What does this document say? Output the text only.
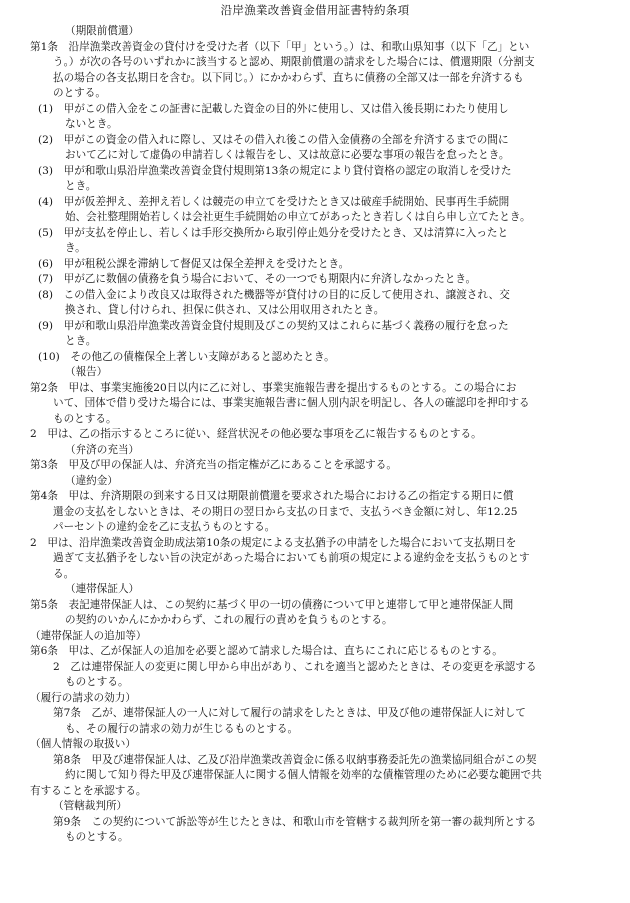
沿岸漁業改善資金借用証書特約条項
（期限前償還）
第1条　沿岸漁業改善資金の貸付けを受けた者（以下「甲」という。）は、和歌山県知事（以下「乙」とい
う。）が次の各号のいずれかに該当すると認め、期限前償還の請求をした場合には、償還期限（分割支
払の場合の各支払期日を含む。以下同じ。）にかかわらず、直ちに債務の全部又は一部を弁済するも
のとする。
(1)　甲がこの借入金をこの証書に記載した資金の目的外に使用し、又は借入後長期にわたり使用し
ないとき。
(2)　甲がこの資金の借入れに際し、又はその借入れ後この借入金債務の全部を弁済するまでの間に
おいて乙に対して虚偽の申請若しくは報告をし、又は故意に必要な事項の報告を怠ったとき。
(3)　甲が和歌山県沿岸漁業改善資金貸付規則第13条の規定により貸付資格の認定の取消しを受けた
とき。
(4)　甲が仮差押え、差押え若しくは競売の申立てを受けたとき又は破産手続開始、民事再生手続開
始、会社整理開始若しくは会社更生手続開始の申立てがあったとき若しくは自ら申し立てたとき。
(5)　甲が支払を停止し、若しくは手形交換所から取引停止処分を受けたとき、又は清算に入ったと
き。
(6)　甲が租税公課を滞納して督促又は保全差押えを受けたとき。
(7)　甲が乙に数個の債務を負う場合において、その一つでも期限内に弁済しなかったとき。
(8)　この借入金により改良又は取得された機器等が貸付けの目的に反して使用され、譲渡され、交
換され、貸し付けられ、担保に供され、又は公用収用されたとき。
(9)　甲が和歌山県沿岸漁業改善資金貸付規則及びこの契約又はこれらに基づく義務の履行を怠った
とき。
(10)　その他乙の債権保全上著しい支障があると認めたとき。
（報告）
第2条　甲は、事業実施後20日以内に乙に対し、事業実施報告書を提出するものとする。この場合にお
いて、団体で借り受けた場合には、事業実施報告書に個人別内訳を明記し、各人の確認印を押印する
ものとする。
2　甲は、乙の指示するところに従い、経営状況その他必要な事項を乙に報告するものとする。
（弁済の充当）
第3条　甲及び甲の保証人は、弁済充当の指定権が乙にあることを承認する。
（違約金）
第4条　甲は、弁済期限の到来する日又は期限前償還を要求された場合における乙の指定する期日に償
還金の支払をしないときは、その期日の翌日から支払の日まで、支払うべき金額に対し、年12.25
パーセントの違約金を乙に支払うものとする。
2　甲は、沿岸漁業改善資金助成法第10条の規定による支払猶予の申請をした場合において支払期日を
過ぎて支払猶予をしない旨の決定があった場合においても前項の規定による違約金を支払うものとす
る。
（連帯保証人）
第5条　表記連帯保証人は、この契約に基づく甲の一切の債務について甲と連帯して甲と連帯保証人間
の契約のいかんにかかわらず、これの履行の責めを負うものとする。
（連帯保証人の追加等）
第6条　甲は、乙が保証人の追加を必要と認めて請求した場合は、直ちにこれに応じるものとする。
2　乙は連帯保証人の変更に関し甲から申出があり、これを適当と認めたときは、その変更を承認する
ものとする。
（履行の請求の効力）
第7条　乙が、連帯保証人の一人に対して履行の請求をしたときは、甲及び他の連帯保証人に対して
も、その履行の請求の効力が生じるものとする。
（個人情報の取扱い）
第8条　甲及び連帯保証人は、乙及び沿岸漁業改善資金に係る収納事務委託先の漁業協同組合がこの契
約に関して知り得た甲及び連帯保証人に関する個人情報を効率的な債権管理のために必要な範囲で共
有することを承認する。
（管轄裁判所）
第9条　この契約について訴訟等が生じたときは、和歌山市を管轄する裁判所を第一審の裁判所とする
ものとする。
